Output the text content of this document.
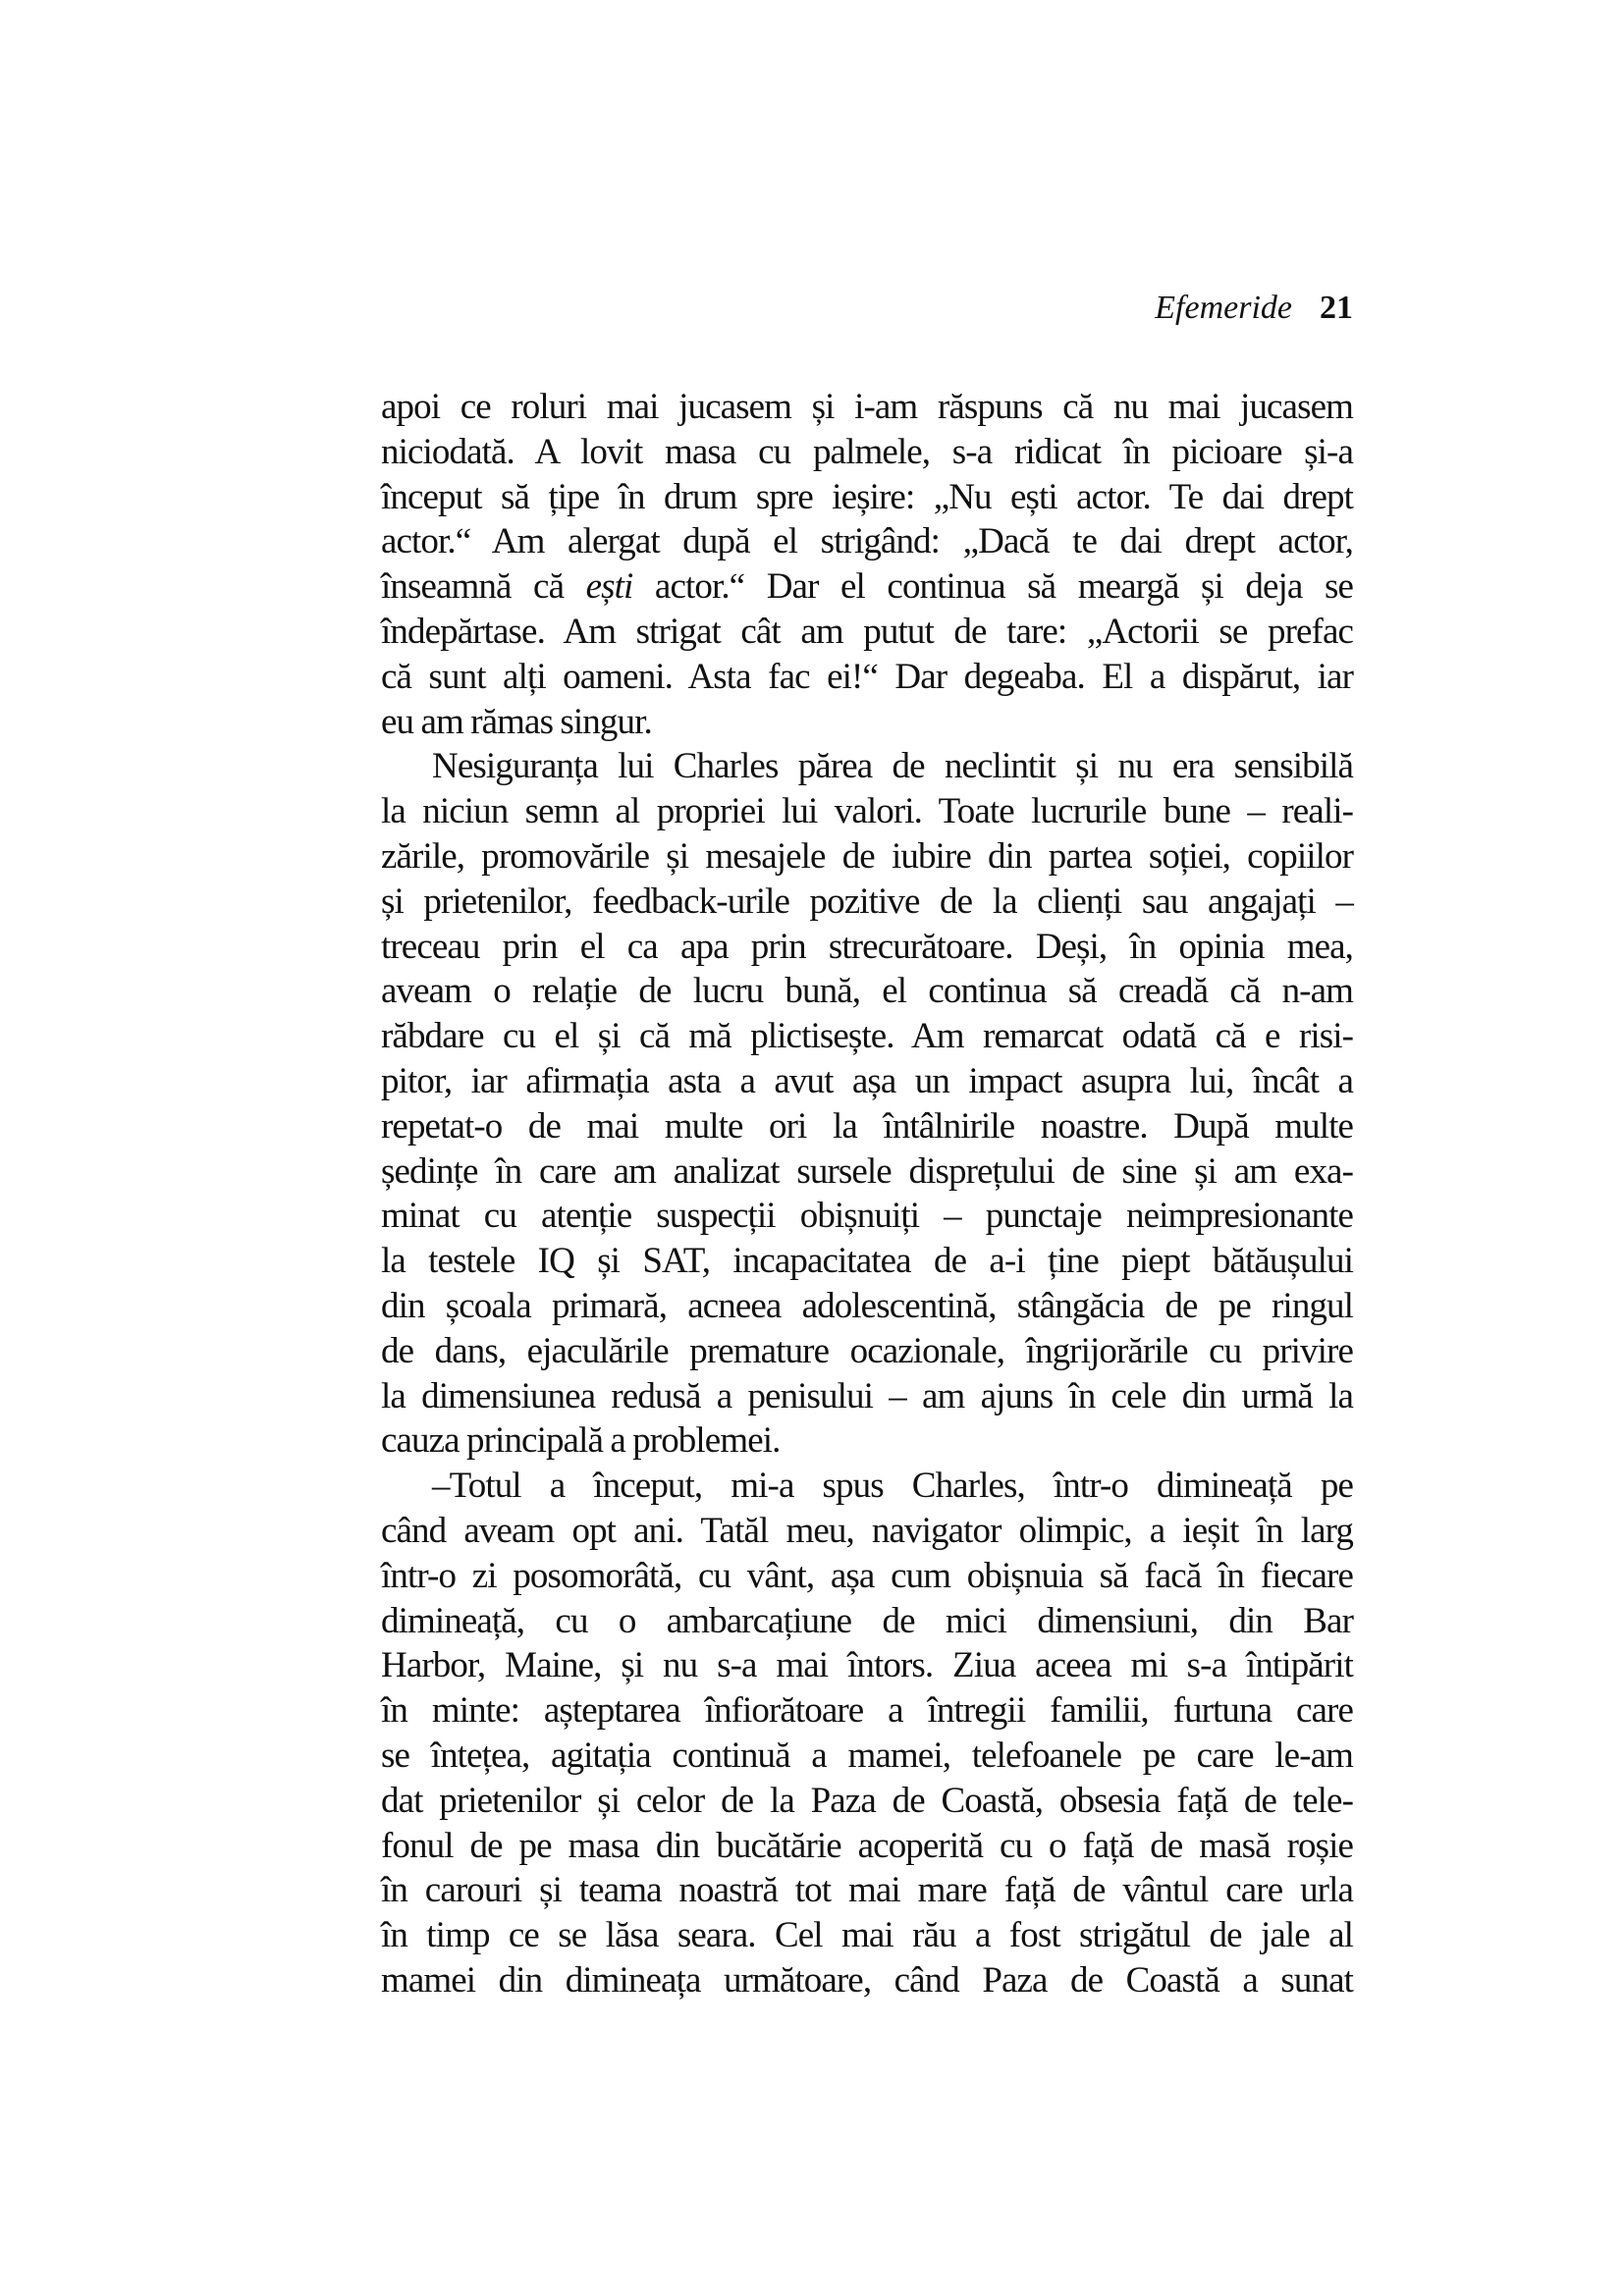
Efemeride 21
apoi ce roluri mai jucasem și i-am răspuns că nu mai jucasem
niciodată. A lovit masa cu palmele, s-a ridicat în picioare și-a
început să țipe în drum spre ieșire: „Nu ești actor. Te dai drept
actor.“ Am alergat după el strigând: „Dacă te dai drept actor,
înseamnă că ești actor.“ Dar el continua să meargă și deja se
îndepărtase. Am strigat cât am putut de tare: „Actorii se prefac
că sunt alți oameni. Asta fac ei!“ Dar degeaba. El a dispărut, iar
eu am rămas singur.
Nesiguranța lui Charles părea de neclintit și nu era sensibilă
la niciun semn al propriei lui valori. Toate lucrurile bune – reali-
zările, promovările și mesajele de iubire din partea soției, copiilor
și prietenilor, feedback-urile pozitive de la clienți sau angajați –
treceau prin el ca apa prin strecurătoare. Deși, în opinia mea,
aveam o relație de lucru bună, el continua să creadă că n-am
răbdare cu el și că mă plictisește. Am remarcat odată că e risi-
pitor, iar afirmația asta a avut așa un impact asupra lui, încât a
repetat-o de mai multe ori la întâlnirile noastre. După multe
ședințe în care am analizat sursele disprețului de sine și am exa-
minat cu atenție suspecții obișnuiți – punctaje neimpresionante
la testele IQ și SAT, incapacitatea de a-i ține piept bătăușului
din școala primară, acneea adolescentină, stângăcia de pe ringul
de dans, ejaculările premature ocazionale, îngrijorările cu privire
la dimensiunea redusă a penisului – am ajuns în cele din urmă la
cauza principală a problemei.
–Totul a început, mi-a spus Charles, într-o dimineață pe
când aveam opt ani. Tatăl meu, navigator olimpic, a ieșit în larg
într-o zi posomorâtă, cu vânt, așa cum obișnuia să facă în fiecare
dimineață, cu o ambarcațiune de mici dimensiuni, din Bar
Harbor, Maine, și nu s-a mai întors. Ziua aceea mi s-a întipărit
în minte: așteptarea înfiorătoare a întregii familii, furtuna care
se întețea, agitația continuă a mamei, telefoanele pe care le-am
dat prietenilor și celor de la Paza de Coastă, obsesia față de tele-
fonul de pe masa din bucătărie acoperită cu o față de masă roșie
în carouri și teama noastră tot mai mare față de vântul care urla
în timp ce se lăsa seara. Cel mai rău a fost strigătul de jale al
mamei din dimineața următoare, când Paza de Coastă a sunat
